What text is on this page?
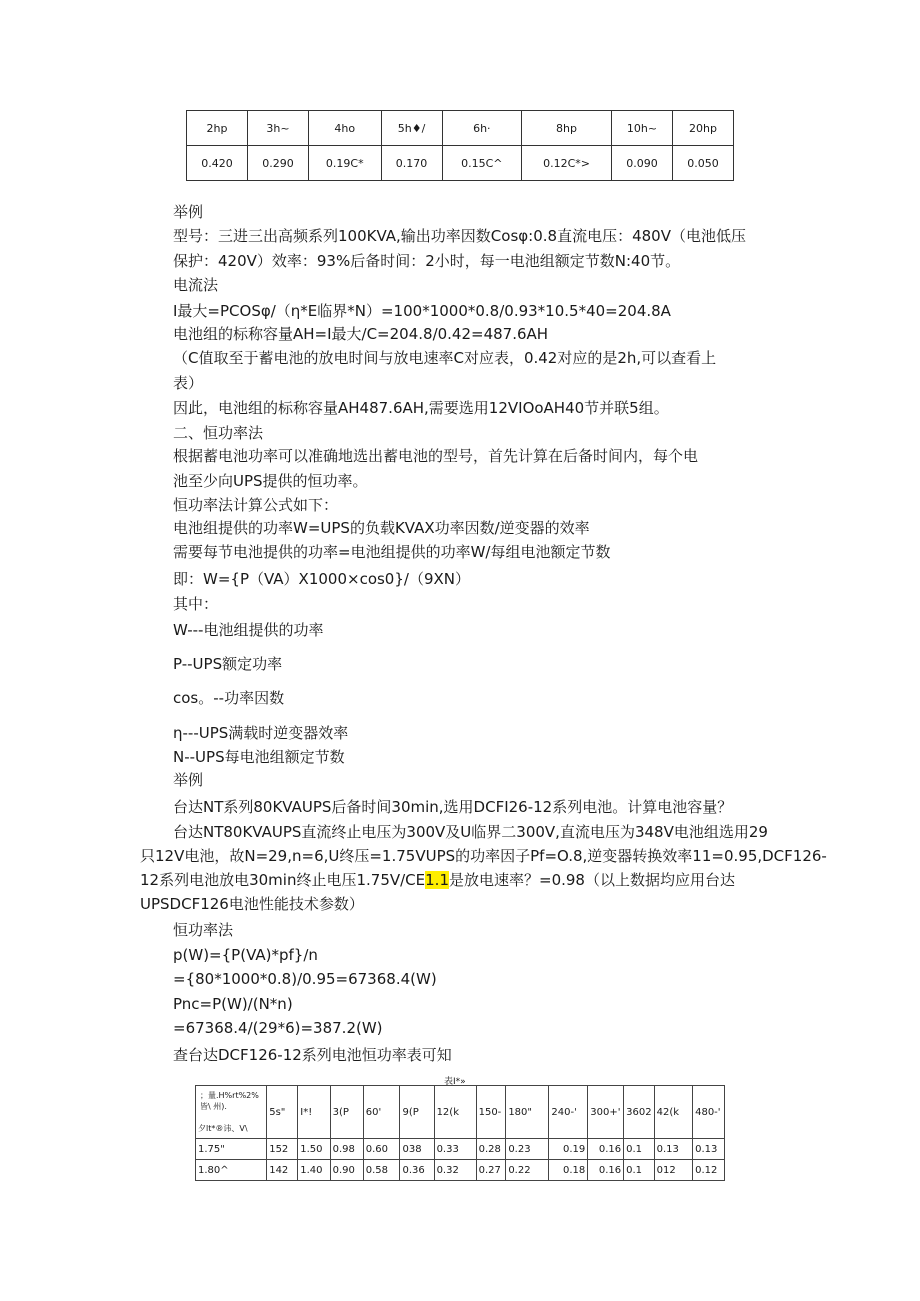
2hp	3h~	4ho	5h♦/	6h·	8hp	10h~	20hp
0.420	0.290	0.19C*	0.170	0.15C^	0.12C*>	0.090	0.050
举例
型号：三进三出高频系列100KVA,输出功率因数Cosφ:0.8直流电压：480V（电池低压
保护：420V）效率：93%后备时间：2小时，每一电池组额定节数N:40节。
电流法
I最大=PCOSφ/（η*E临界*N）=100*1000*0.8/0.93*10.5*40=204.8A
电池组的标称容量AH=I最大/C=204.8/0.42=487.6AH
（C值取至于蓄电池的放电时间与放电速率C对应表，0.42对应的是2h,可以查看上
表）
因此，电池组的标称容量AH487.6AH,需要选用12VIOoAH40节并联5组。
二、恒功率法
根据蓄电池功率可以准确地选出蓄电池的型号，首先计算在后备时间内，每个电
池至少向UPS提供的恒功率。
恒功率法计算公式如下：
电池组提供的功率W=UPS的负载KVAX功率因数/逆变器的效率
需要每节电池提供的功率=电池组提供的功率W/每组电池额定节数
即：W={P（VA）X1000×cos0}/（9XN）
其中：
W---电池组提供的功率
P--UPS额定功率
cos。--功率因数
η---UPS满载时逆变器效率
N--UPS每电池组额定节数
举例
台达NT系列80KVAUPS后备时间30min,选用DCFI26-12系列电池。计算电池容量？
台达NT80KVAUPS直流终止电压为300V及U临界二300V,直流电压为348V电池组选用29
只12V电池，故N=29,n=6,U终压=1.75VUPS的功率因子Pf=O.8,逆变器转换效率11=0.95,DCF126-
12系列电池放电30min终止电压1.75V/CE1.1是放电速率？=0.98（以上数据均应用台达
UPSDCF126电池性能技术参数）
恒功率法
p(W)={P(VA)*pf}∕n
={80*1000*0.8)/0.95=67368.4(W)
Pnc=P(W)/(N*n)
=67368.4/(29*6)=387.2(W)
查台达DCF126-12系列电池恒功率表可知
表I*»
；量.H%rt%2%皆\ 州).
夕lt*®讳、V\	5s"	I*!	3(P	60'	9(P	12(k	150-	180"	240-'	300+'	3602	42(k	480-'
1.75"	152	1.50	0.98	0.60	038	0.33	0.28	0.23	0.19	0.16	0.1	0.13	0.13
1.80^	142	1.40	0.90	0.58	0.36	0.32	0.27	0.22	0.18	0.16	0.1	012	0.12
